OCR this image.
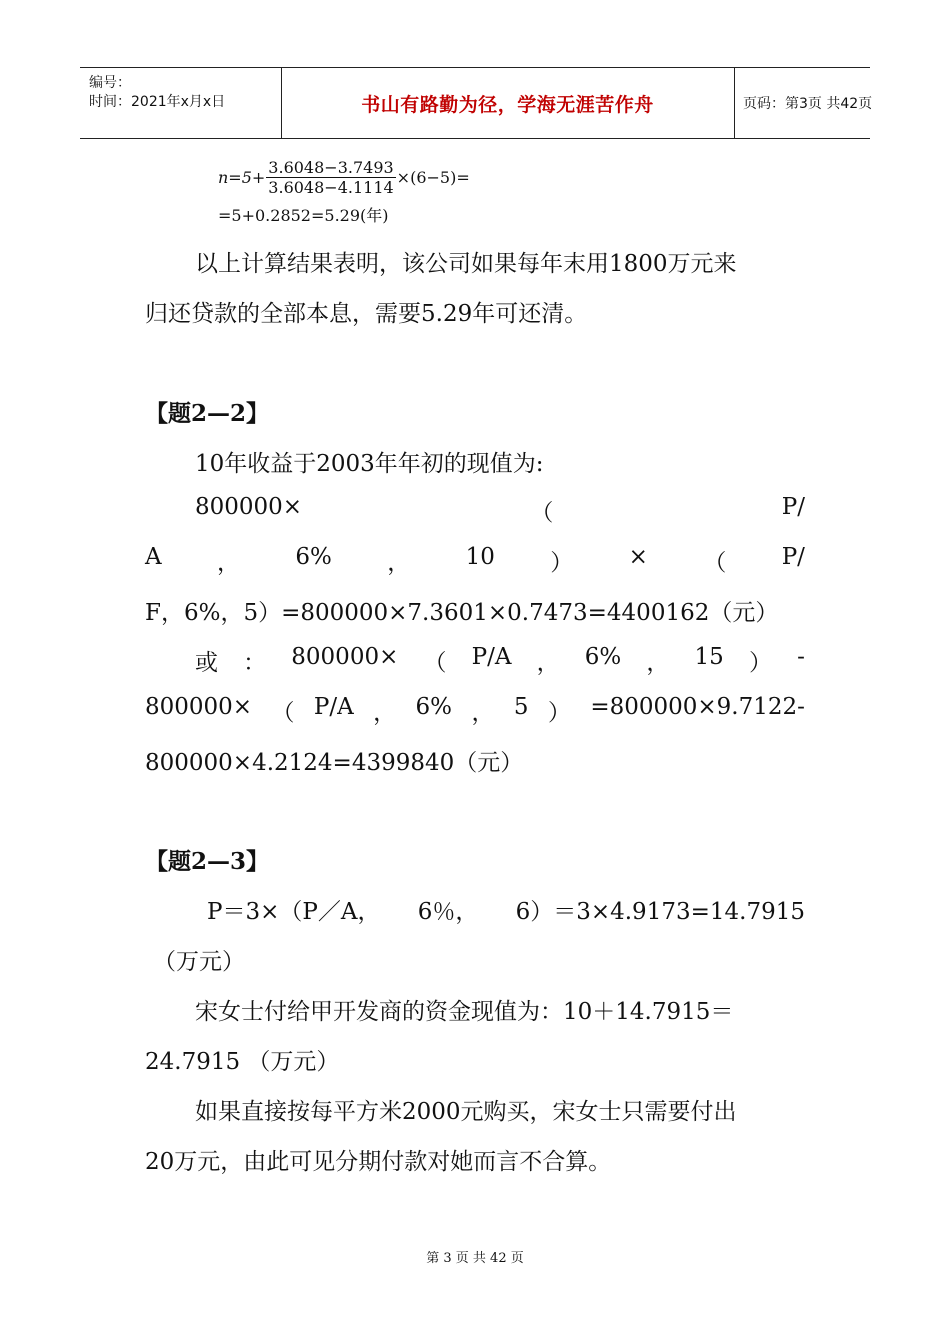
编号：
时间：2021年x月x日	书山有路勤为径，学海无涯苦作舟	页码：第3页 共42页
$n=5+ \frac{3.6048-3.7493}{3.6048-4.1114} \times(6-5)=$
=5+0.2852=5.29(年)
以上计算结果表明，该公司如果每年末用1800万元来
归还贷款的全部本息，需要5.29年可还清。
【题2—2】
10年收益于2003年年初的现值为:
800000×	（	P/
A ， 6% ， 10 ） × （ P/
F，6%，5）=800000×7.3601×0.7473=4400162（元）
或 ： 800000× （ P/A ， 6% ， 15 ） -
800000× （ P/A ， 6% ， 5 ） =800000×9.7122-
800000×4.2124=4399840（元）
【题2—3】
P＝3×（P／A， 6％， 6）＝3×4.9173=14.7915
（万元）
宋女士付给甲开发商的资金现值为：10＋14.7915＝
24.7915 （万元）
如果直接按每平方米2000元购买，宋女士只需要付出
20万元，由此可见分期付款对她而言不合算。
第 3 页 共 42 页
